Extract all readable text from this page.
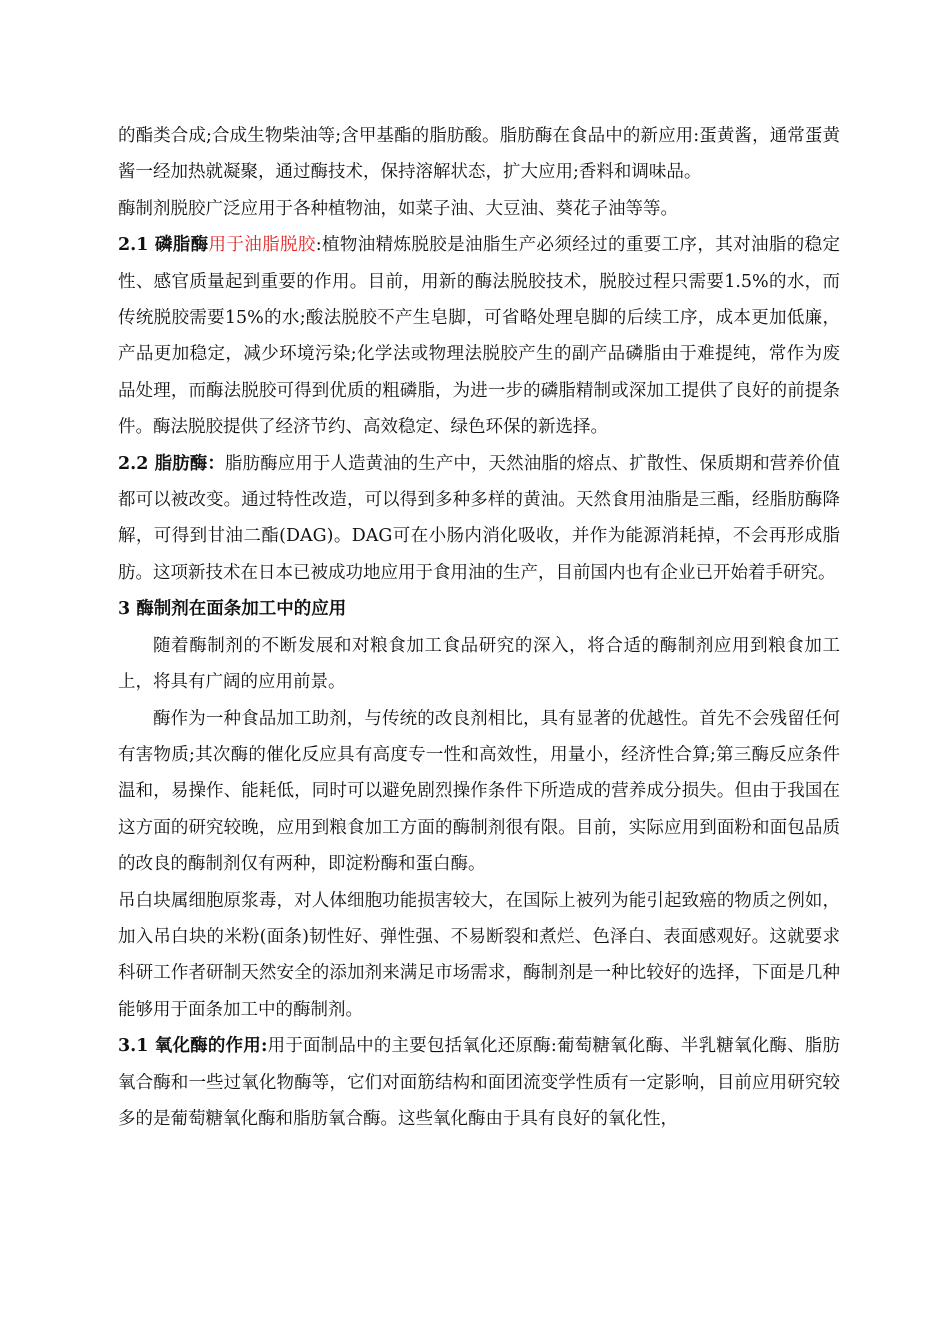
的酯类合成;合成生物柴油等;含甲基酯的脂肪酸。脂肪酶在食品中的新应用:蛋黄酱，通常蛋黄酱一经加热就凝聚，通过酶技术，保持溶解状态，扩大应用;香料和调味品。

酶制剂脱胶广泛应用于各种植物油，如菜子油、大豆油、葵花子油等等。

2.1 磷脂酶用于油脂脱胶:植物油精炼脱胶是油脂生产必须经过的重要工序，其对油脂的稳定性、感官质量起到重要的作用。目前，用新的酶法脱胶技术，脱胶过程只需要1.5%的水，而传统脱胶需要15%的水;酸法脱胶不产生皂脚，可省略处理皂脚的后续工序，成本更加低廉，产品更加稳定，减少环境污染;化学法或物理法脱胶产生的副产品磷脂由于难提纯，常作为废品处理，而酶法脱胶可得到优质的粗磷脂，为进一步的磷脂精制或深加工提供了良好的前提条件。酶法脱胶提供了经济节约、高效稳定、绿色环保的新选择。

2.2 脂肪酶：脂肪酶应用于人造黄油的生产中，天然油脂的熔点、扩散性、保质期和营养价值都可以被改变。通过特性改造，可以得到多种多样的黄油。天然食用油脂是三酯，经脂肪酶降解，可得到甘油二酯(DAG)。DAG可在小肠内消化吸收，并作为能源消耗掉，不会再形成脂肪。这项新技术在日本已被成功地应用于食用油的生产，目前国内也有企业已开始着手研究。

3 酶制剂在面条加工中的应用

随着酶制剂的不断发展和对粮食加工食品研究的深入，将合适的酶制剂应用到粮食加工上，将具有广阔的应用前景。

酶作为一种食品加工助剂，与传统的改良剂相比，具有显著的优越性。首先不会残留任何有害物质;其次酶的催化反应具有高度专一性和高效性，用量小，经济性合算;第三酶反应条件温和，易操作、能耗低，同时可以避免剧烈操作条件下所造成的营养成分损失。但由于我国在这方面的研究较晚，应用到粮食加工方面的酶制剂很有限。目前，实际应用到面粉和面包品质的改良的酶制剂仅有两种，即淀粉酶和蛋白酶。

吊白块属细胞原浆毒，对人体细胞功能损害较大，在国际上被列为能引起致癌的物质之例如，加入吊白块的米粉(面条)韧性好、弹性强、不易断裂和煮烂、色泽白、表面感观好。这就要求科研工作者研制天然安全的添加剂来满足市场需求，酶制剂是一种比较好的选择，下面是几种能够用于面条加工中的酶制剂。

3.1 氧化酶的作用:用于面制品中的主要包括氧化还原酶:葡萄糖氧化酶、半乳糖氧化酶、脂肪氧合酶和一些过氧化物酶等，它们对面筋结构和面团流变学性质有一定影响，目前应用研究较多的是葡萄糖氧化酶和脂肪氧合酶。这些氧化酶由于具有良好的氧化性，
